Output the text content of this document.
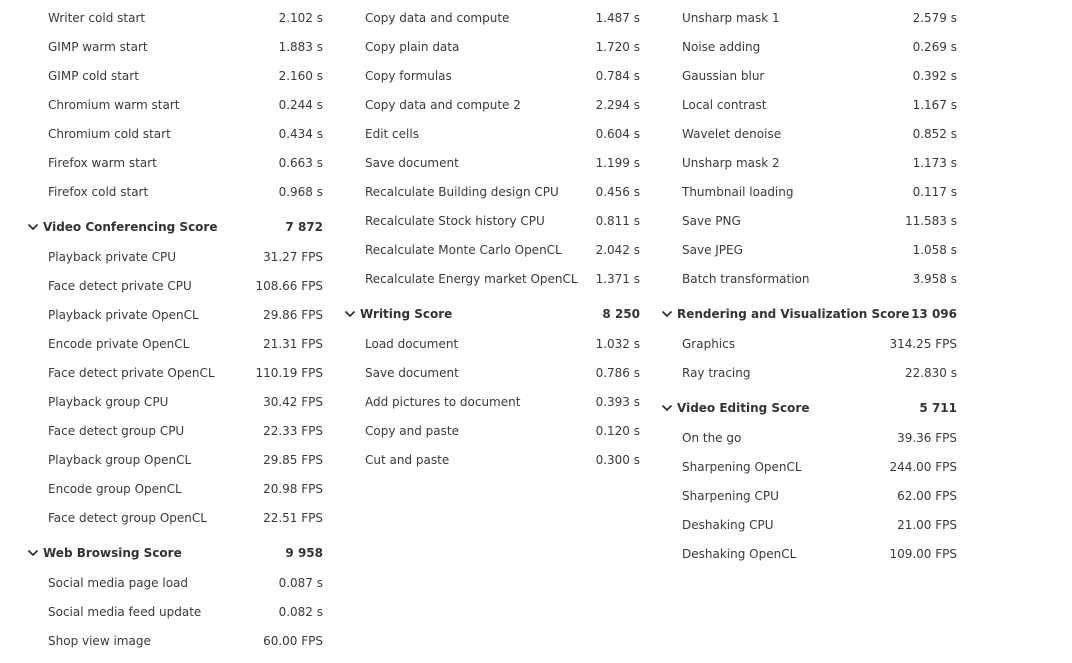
Writer cold start	2.102 s
GIMP warm start	1.883 s
GIMP cold start	2.160 s
Chromium warm start	0.244 s
Chromium cold start	0.434 s
Firefox warm start	0.663 s
Firefox cold start	0.968 s
Video Conferencing Score	7 872
Playback private CPU	31.27 FPS
Face detect private CPU	108.66 FPS
Playback private OpenCL	29.86 FPS
Encode private OpenCL	21.31 FPS
Face detect private OpenCL	110.19 FPS
Playback group CPU	30.42 FPS
Face detect group CPU	22.33 FPS
Playback group OpenCL	29.85 FPS
Encode group OpenCL	20.98 FPS
Face detect group OpenCL	22.51 FPS
Web Browsing Score	9 958
Social media page load	0.087 s
Social media feed update	0.082 s
Shop view image	60.00 FPS
Copy data and compute	1.487 s
Copy plain data	1.720 s
Copy formulas	0.784 s
Copy data and compute 2	2.294 s
Edit cells	0.604 s
Save document	1.199 s
Recalculate Building design CPU	0.456 s
Recalculate Stock history CPU	0.811 s
Recalculate Monte Carlo OpenCL	2.042 s
Recalculate Energy market OpenCL	1.371 s
Writing Score	8 250
Load document	1.032 s
Save document	0.786 s
Add pictures to document	0.393 s
Copy and paste	0.120 s
Cut and paste	0.300 s
Unsharp mask 1	2.579 s
Noise adding	0.269 s
Gaussian blur	0.392 s
Local contrast	1.167 s
Wavelet denoise	0.852 s
Unsharp mask 2	1.173 s
Thumbnail loading	0.117 s
Save PNG	11.583 s
Save JPEG	1.058 s
Batch transformation	3.958 s
Rendering and Visualization Score 13 096
Graphics	314.25 FPS
Ray tracing	22.830 s
Video Editing Score	5 711
On the go	39.36 FPS
Sharpening OpenCL	244.00 FPS
Sharpening CPU	62.00 FPS
Deshaking CPU	21.00 FPS
Deshaking OpenCL	109.00 FPS
